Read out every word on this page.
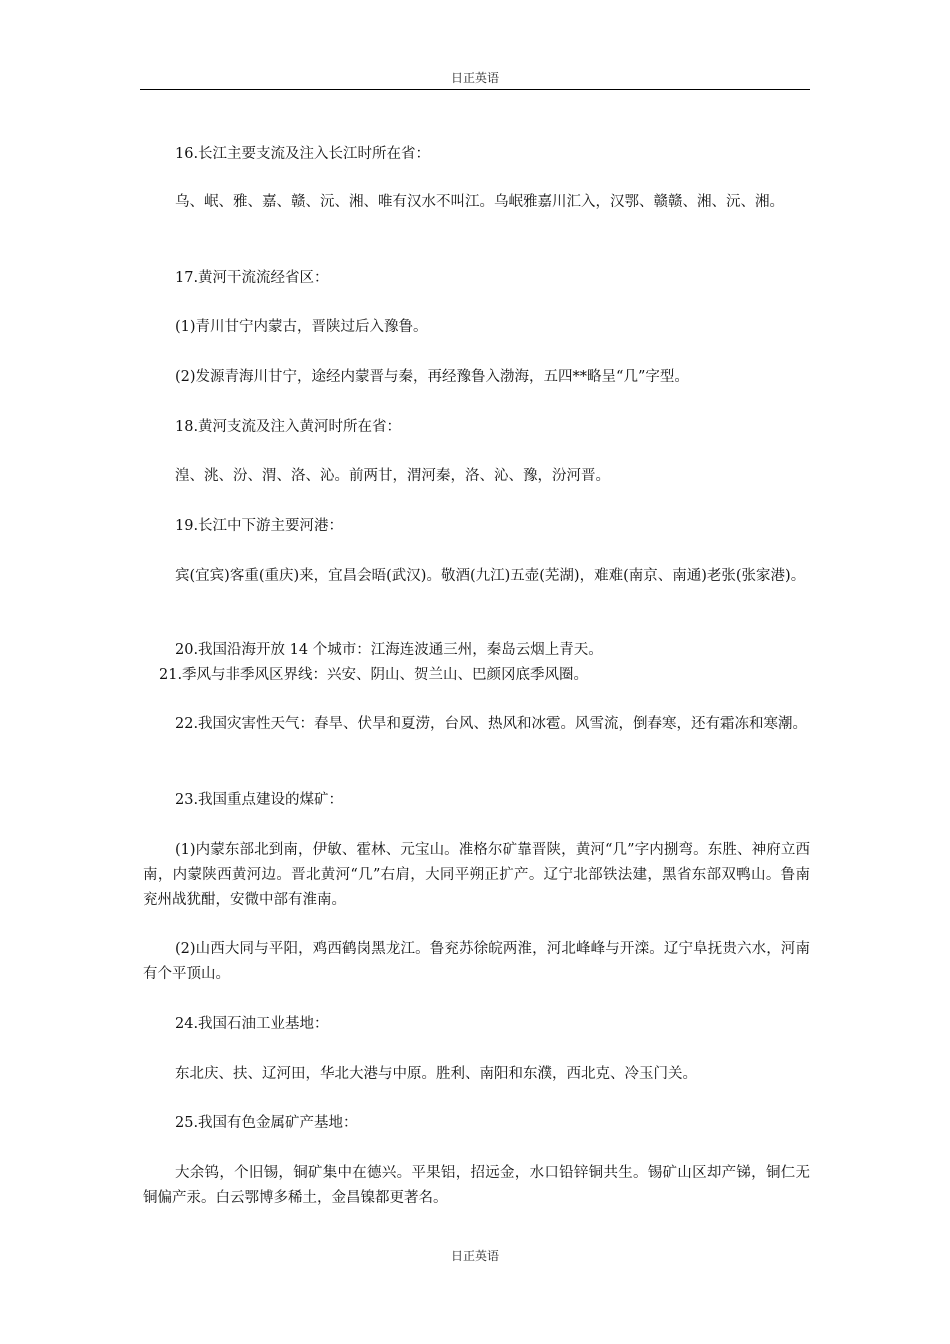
日正英语

16.长江主要支流及注入长江时所在省：

乌、岷、雅、嘉、赣、沅、湘、唯有汉水不叫江。乌岷雅嘉川汇入，汉鄂、赣赣、湘、沅、湘。

17.黄河干流流经省区：

(1)青川甘宁内蒙古，晋陕过后入豫鲁。

(2)发源青海川甘宁，途经内蒙晋与秦，再经豫鲁入渤海，五四**略呈“几”字型。

18.黄河支流及注入黄河时所在省：

湟、洮、汾、渭、洛、沁。前两甘，渭河秦，洛、沁、豫，汾河晋。

19.长江中下游主要河港：

宾(宜宾)客重(重庆)来，宜昌会晤(武汉)。敬酒(九江)五壶(芜湖)，难难(南京、南通)老张(张家港)。

20.我国沿海开放 14 个城市：江海连波通三州，秦岛云烟上青天。

21.季风与非季风区界线：兴安、阴山、贺兰山、巴颜冈底季风圈。

22.我国灾害性天气：春旱、伏旱和夏涝，台风、热风和冰雹。风雪流，倒春寒，还有霜冻和寒潮。

23.我国重点建设的煤矿：

(1)内蒙东部北到南，伊敏、霍林、元宝山。准格尔矿靠晋陕，黄河“几”字内捌弯。东胜、神府立西南，内蒙陕西黄河边。晋北黄河“几”右肩，大同平朔正扩产。辽宁北部铁法建，黑省东部双鸭山。鲁南兖州战犹酣，安微中部有淮南。

(2)山西大同与平阳，鸡西鹤岗黑龙江。鲁兖苏徐皖两淮，河北峰峰与开滦。辽宁阜抚贵六水，河南有个平顶山。

24.我国石油工业基地：

东北庆、扶、辽河田，华北大港与中原。胜利、南阳和东濮，西北克、冷玉门关。

25.我国有色金属矿产基地：

大余钨，个旧锡，铜矿集中在德兴。平果铝，招远金，水口铅锌铜共生。锡矿山区却产锑，铜仁无铜偏产汞。白云鄂博多稀土，金昌镍都更著名。

日正英语
